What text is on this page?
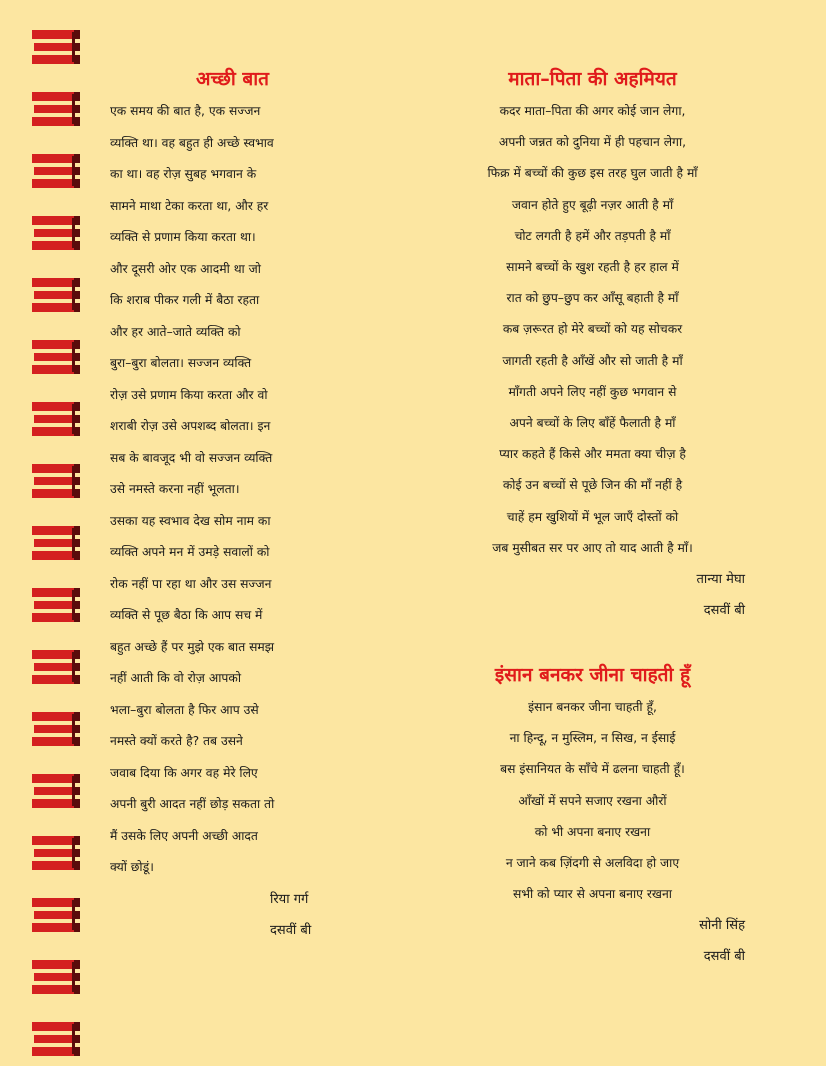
अच्छी बात

एक समय की बात है, एक सज्जन
व्यक्ति था। वह बहुत ही अच्छे स्वभाव
का था। वह रोज़ सुबह भगवान के
सामने माथा टेका करता था, और हर
व्यक्ति से प्रणाम किया करता था।
और दूसरी ओर एक आदमी था जो
कि शराब पीकर गली में बैठा रहता
और हर आते–जाते व्यक्ति को
बुरा–बुरा बोलता। सज्जन व्यक्ति
रोज़ उसे प्रणाम किया करता और वो
शराबी रोज़ उसे अपशब्द बोलता। इन
सब के बावजूद भी वो सज्जन व्यक्ति
उसे नमस्ते करना नहीं भूलता।
उसका यह स्वभाव देख सोम नाम का
व्यक्ति अपने मन में उमड़े सवालों को
रोक नहीं पा रहा था और उस सज्जन
व्यक्ति से पूछ बैठा कि आप सच में
बहुत अच्छे हैं पर मुझे एक बात समझ
नहीं आती कि वो रोज़ आपको
भला–बुरा बोलता है फिर आप उसे
नमस्ते क्यों करते है? तब उसने
जवाब दिया कि अगर वह मेरे लिए
अपनी बुरी आदत नहीं छोड़ सकता तो
मैं उसके लिए अपनी अच्छी आदत
क्यों छोडूं।

रिया गर्ग
दसवीं बी
माता–पिता की अहमियत
कदर माता–पिता की अगर कोई जान लेगा,
अपनी जन्नत को दुनिया में ही पहचान लेगा,
फिक्र में बच्चों की कुछ इस तरह घुल जाती है माँ
जवान होते हुए बूढ़ी नज़र आती है माँ
चोट लगती है हमें और तड़पती है माँ
सामने बच्चों के खुश रहती है हर हाल में
रात को छुप–छुप कर आँसू बहाती है माँ
कब ज़रूरत हो मेरे बच्चों को यह सोचकर
जागती रहती है आँखें और सो जाती है माँ
माँगती अपने लिए नहीं कुछ भगवान से
अपने बच्चों के लिए बाँहें फैलाती है माँ
प्यार कहते हैं किसे और ममता क्या चीज़ है
कोई उन बच्चों से पूछे जिन की माँ नहीं है
चाहें हम खुशियों में भूल जाएँ दोस्तों को
जब मुसीबत सर पर आए तो याद आती है माँ।
तान्या मेघा
दसवीं बी
इंसान बनकर जीना चाहती हूँ
इंसान बनकर जीना चाहती हूँ,
ना हिन्दू, न मुस्लिम, न सिख, न ईसाई
बस इंसानियत के साँचे में ढलना चाहती हूँ।
आँखों में सपने सजाए रखना औरों
को भी अपना बनाए रखना
न जाने कब ज़िंदगी से अलविदा हो जाए
सभी को प्यार से अपना बनाए रखना
सोनी सिंह
दसवीं बी
